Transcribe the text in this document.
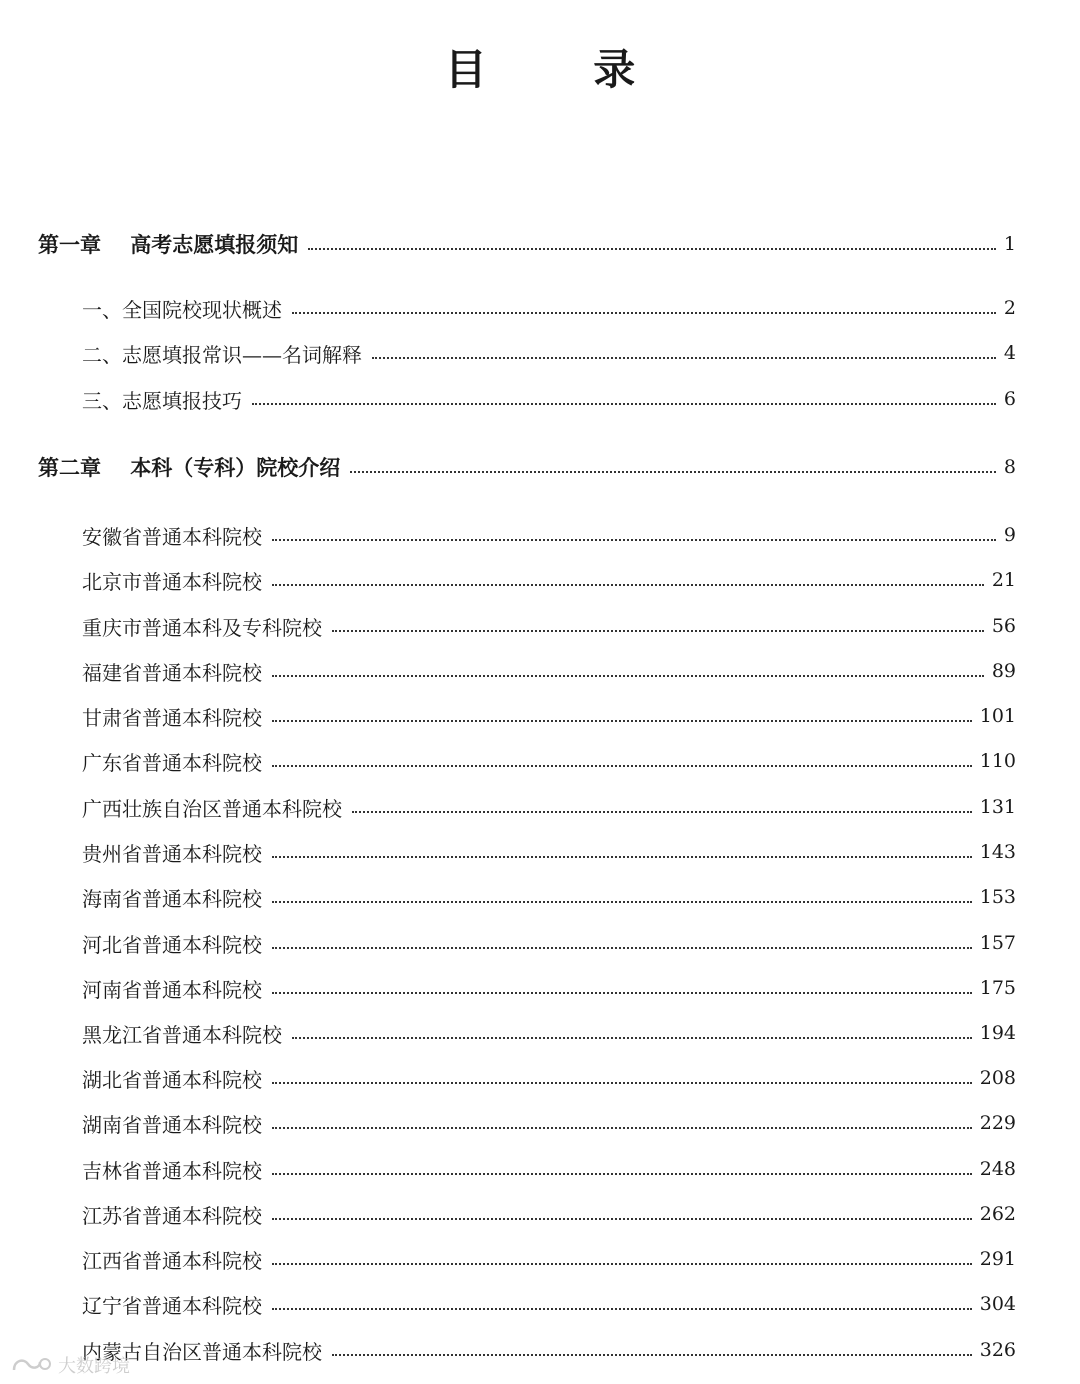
目 录
第一章    高考志愿填报须知	1
一、全国院校现状概述	2
二、志愿填报常识——名词解释	4
三、志愿填报技巧	6
第二章    本科（专科）院校介绍	8
安徽省普通本科院校	9
北京市普通本科院校	21
重庆市普通本科及专科院校	56
福建省普通本科院校	89
甘肃省普通本科院校	101
广东省普通本科院校	110
广西壮族自治区普通本科院校	131
贵州省普通本科院校	143
海南省普通本科院校	153
河北省普通本科院校	157
河南省普通本科院校	175
黑龙江省普通本科院校	194
湖北省普通本科院校	208
湖南省普通本科院校	229
吉林省普通本科院校	248
江苏省普通本科院校	262
江西省普通本科院校	291
辽宁省普通本科院校	304
内蒙古自治区普通本科院校	326
大数跨境
